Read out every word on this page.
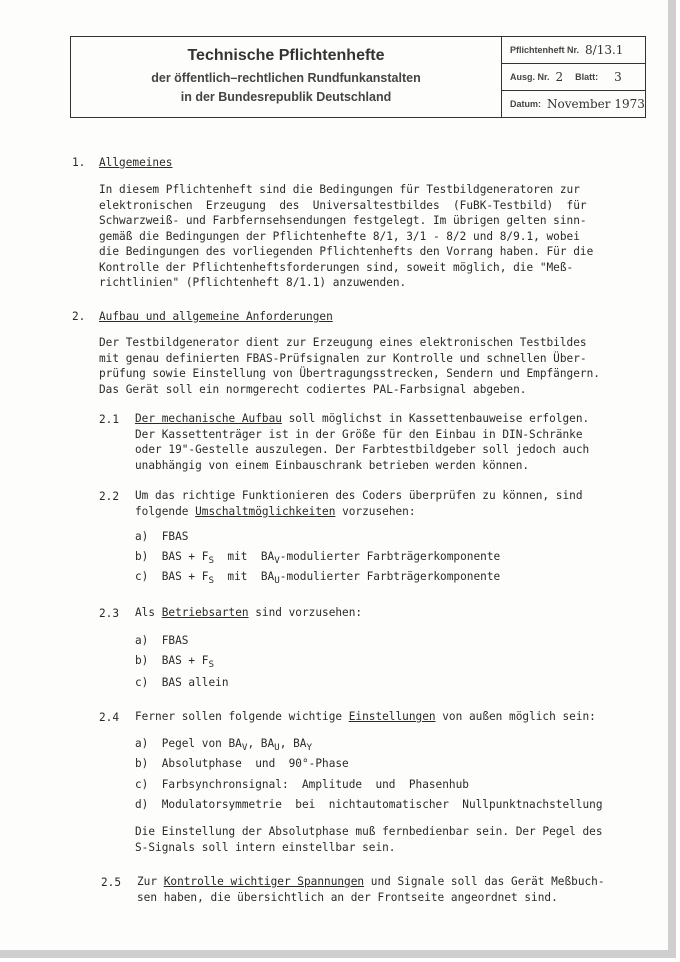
Technische Pflichtenhefte
der öffentlich–rechtlichen Rundfunkanstalten
in der Bundesrepublik Deutschland
Pflichtenheft Nr. 8/13.1
Ausg. Nr. 2 Blatt: 3
Datum: November 1973
1. Allgemeines
In diesem Pflichtenheft sind die Bedingungen für Testbildgeneratoren zur
elektronischen  Erzeugung  des  Universaltestbildes  (FuBK-Testbild)  für
Schwarzweiß- und Farbfernsehsendungen festgelegt. Im übrigen gelten sinn-
gemäß die Bedingungen der Pflichtenhefte 8/1, 3/1 - 8/2 und 8/9.1, wobei
die Bedingungen des vorliegenden Pflichtenhefts den Vorrang haben. Für die
Kontrolle der Pflichtenheftsforderungen sind, soweit möglich, die "Meß-
richtlinien" (Pflichtenheft 8/1.1) anzuwenden.
2. Aufbau und allgemeine Anforderungen
Der Testbildgenerator dient zur Erzeugung eines elektronischen Testbildes
mit genau definierten FBAS-Prüfsignalen zur Kontrolle und schnellen Über-
prüfung sowie Einstellung von Übertragungsstrecken, Sendern und Empfängern.
Das Gerät soll ein normgerecht codiertes PAL-Farbsignal abgeben.
2.1 Der mechanische Aufbau soll möglichst in Kassettenbauweise erfolgen.
Der Kassettenträger ist in der Größe für den Einbau in DIN-Schränke
oder 19"-Gestelle auszulegen. Der Farbtestbildgeber soll jedoch auch
unabhängig von einem Einbauschrank betrieben werden können.
2.2 Um das richtige Funktionieren des Coders überprüfen zu können, sind
folgende Umschaltmöglichkeiten vorzusehen:
a)  FBAS
b)  BAS + $F_S$  mit  $BA_V$-modulierter Farbträgerkomponente
c)  BAS + $F_S$  mit  $BA_U$-modulierter Farbträgerkomponente
2.3 Als Betriebsarten sind vorzusehen:
a)  FBAS
b)  BAS + $F_S$
c)  BAS allein
2.4 Ferner sollen folgende wichtige Einstellungen von außen möglich sein:
a)  Pegel von $BA_V$, $BA_U$, $BA_Y$
b)  Absolutphase  und  90°-Phase
c)  Farbsynchronsignal:  Amplitude  und  Phasenhub
d)  Modulatorsymmetrie  bei  nichtautomatischer  Nullpunktnachstellung
Die Einstellung der Absolutphase muß fernbedienbar sein. Der Pegel des
S-Signals soll intern einstellbar sein.
2.5 Zur Kontrolle wichtiger Spannungen und Signale soll das Gerät Meßbuch-
sen haben, die übersichtlich an der Frontseite angeordnet sind.
